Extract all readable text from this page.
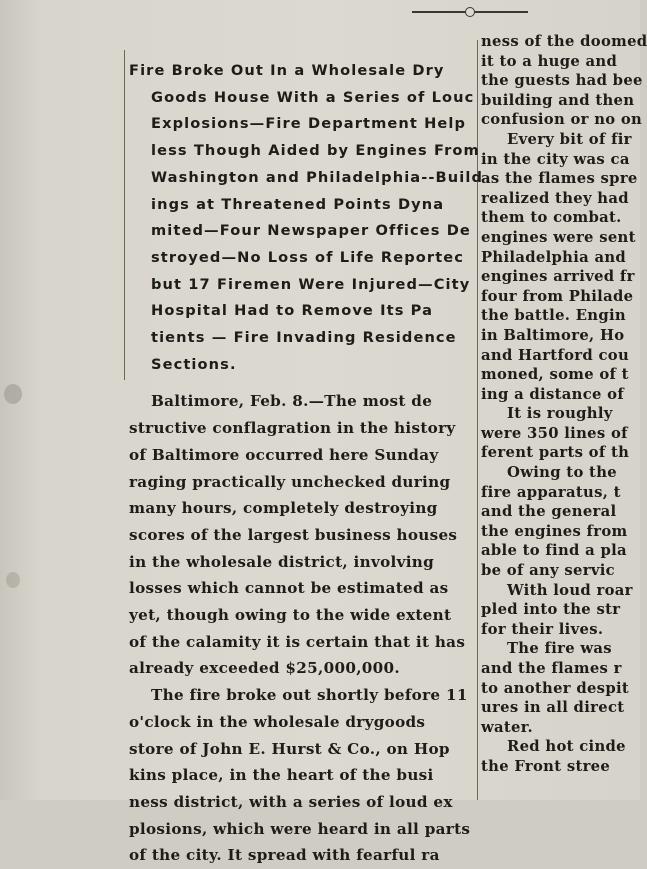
Fire Broke Out In a Wholesale Dry
Goods House With a Series of Louc
Explosions—Fire Department Help
less Though Aided by Engines From
Washington and Philadelphia--Build
ings at Threatened Points Dyna
mited—Four Newspaper Offices De
stroyed—No Loss of Life Reportec
but 17 Firemen Were Injured—City
Hospital Had to Remove Its Pa
tients — Fire Invading Residence
Sections.
Baltimore, Feb. 8.—The most de
structive conflagration in the history
of Baltimore occurred here Sunday
raging practically unchecked during
many hours, completely destroying
scores of the largest business houses
in the wholesale district, involving
losses which cannot be estimated as
yet, though owing to the wide extent
of the calamity it is certain that it has
already exceeded $25,000,000.
The fire broke out shortly before 11
o'clock in the wholesale drygoods
store of John E. Hurst & Co., on Hop
kins place, in the heart of the busi
ness district, with a series of loud ex
plosions, which were heard in all parts
of the city. It spread with fearful ra
ness of the doomed
it to a huge and
the guests had bee
building and then
confusion or no on
Every bit of fir
in the city was ca
as the flames spre
realized they had
them to combat.
engines were sent
Philadelphia and
engines arrived fr
four from Philade
the battle. Engin
in Baltimore, Ho
and Hartford cou
moned, some of t
ing a distance of
It is roughly
were 350 lines of
ferent parts of th
Owing to the
fire apparatus, t
and the general
the engines from
able to find a pla
be of any servic
With loud roar
pled into the str
for their lives.
The fire was
and the flames r
to another despit
ures in all direct
water.
Red hot cinde
the Front stree
